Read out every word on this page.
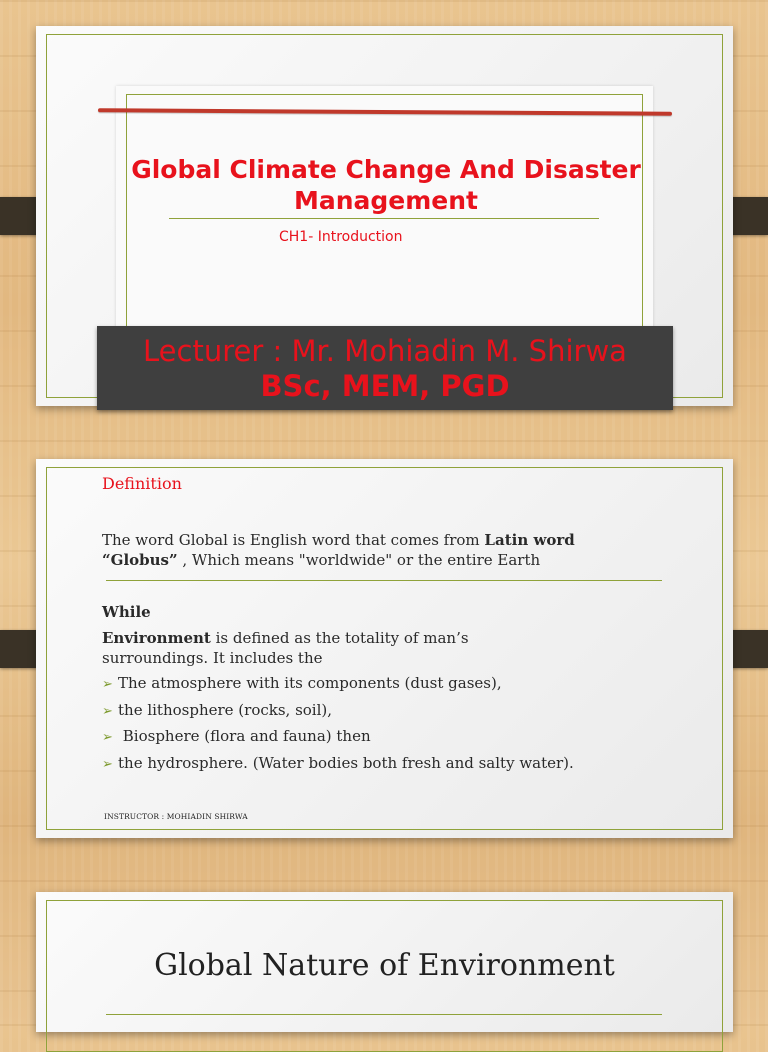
Global Climate Change And Disaster Management
CH1- Introduction
Lecturer : Mr. Mohiadin M. Shirwa
BSc, MEM, PGD
Definition
The word Global is English word that comes from Latin word
“Globus” , Which means "worldwide" or the entire Earth
While
Environment is defined as the totality of man’s surroundings. It includes the
➢ The atmosphere with its components (dust gases),
➢ the lithosphere (rocks, soil),
➢ Biosphere (flora and fauna) then
➢ the hydrosphere. (Water bodies both fresh and salty water).
INSTRUCTOR : MOHIADIN SHIRWA
Global Nature of Environment
